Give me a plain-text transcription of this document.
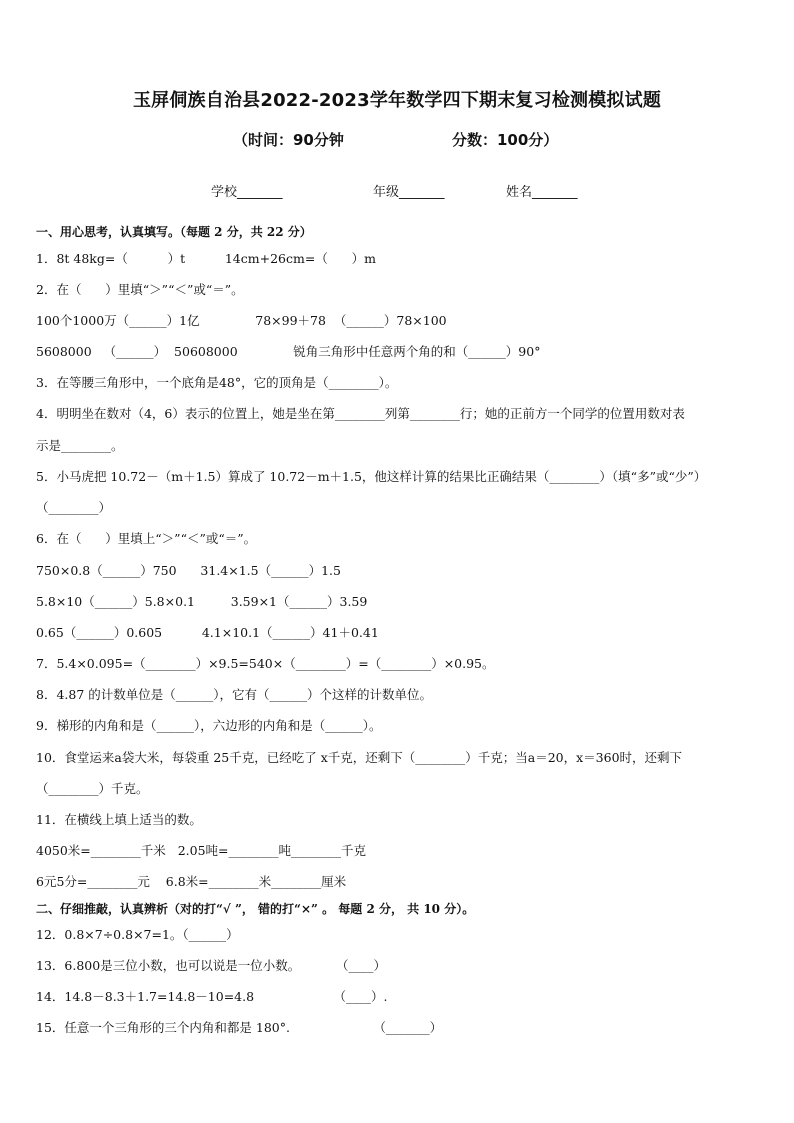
玉屏侗族自治县2022-2023学年数学四下期末复习检测模拟试题
（时间：90分钟	分数：100分）
学校_______	年级_______	姓名_______
一、用心思考，认真填写。（每题 2 分，共 22 分）
1．8t 48kg=（          ）t          14cm+26cm=（      ）m
2．在（      ）里填“＞”“＜”或“＝”。
100个1000万（______）1亿              78×99＋78  （______）78×100
5608000   （______）  50608000              锐角三角形中任意两个角的和（______）90°
3．在等腰三角形中，一个底角是48°，它的顶角是（________）。
4．明明坐在数对（4，6）表示的位置上，她是坐在第________列第________行；她的正前方一个同学的位置用数对表
示是________。
5．小马虎把 10.72－（m＋1.5）算成了 10.72－m＋1.5，他这样计算的结果比正确结果（________）（填“多”或“少”）
（________）
6．在（      ）里填上“＞”“＜”或“＝”。
750×0.8（______）750      31.4×1.5（______）1.5
5.8×10（______）5.8×0.1         3.59×1（______）3.59
0.65（______）0.605          4.1×10.1（______）41＋0.41
7．5.4×0.095=（________）×9.5=540×（________）=（________）×0.95。
8．4.87 的计数单位是（______），它有（______）个这样的计数单位。
9．梯形的内角和是（______），六边形的内角和是（______）。
10．食堂运来a袋大米，每袋重 25千克，已经吃了 x千克，还剩下（________）千克；当a＝20，x＝360时，还剩下
（________）千克。
11．在横线上填上适当的数。
4050米=________千米   2.05吨=________吨________千克
6元5分=________元    6.8米=________米________厘米
二、仔细推敲，认真辨析（对的打“√ ”， 错的打“×” 。 每题 2 分， 共 10 分）。
12．0.8×7÷0.8×7=1。（______）
13．6.800是三位小数，也可以说是一位小数。         （____）
14．14.8－8.3＋1.7=14.8－10=4.8                    （____）.
15．任意一个三角形的三个内角和都是 180°.                     （_______）
